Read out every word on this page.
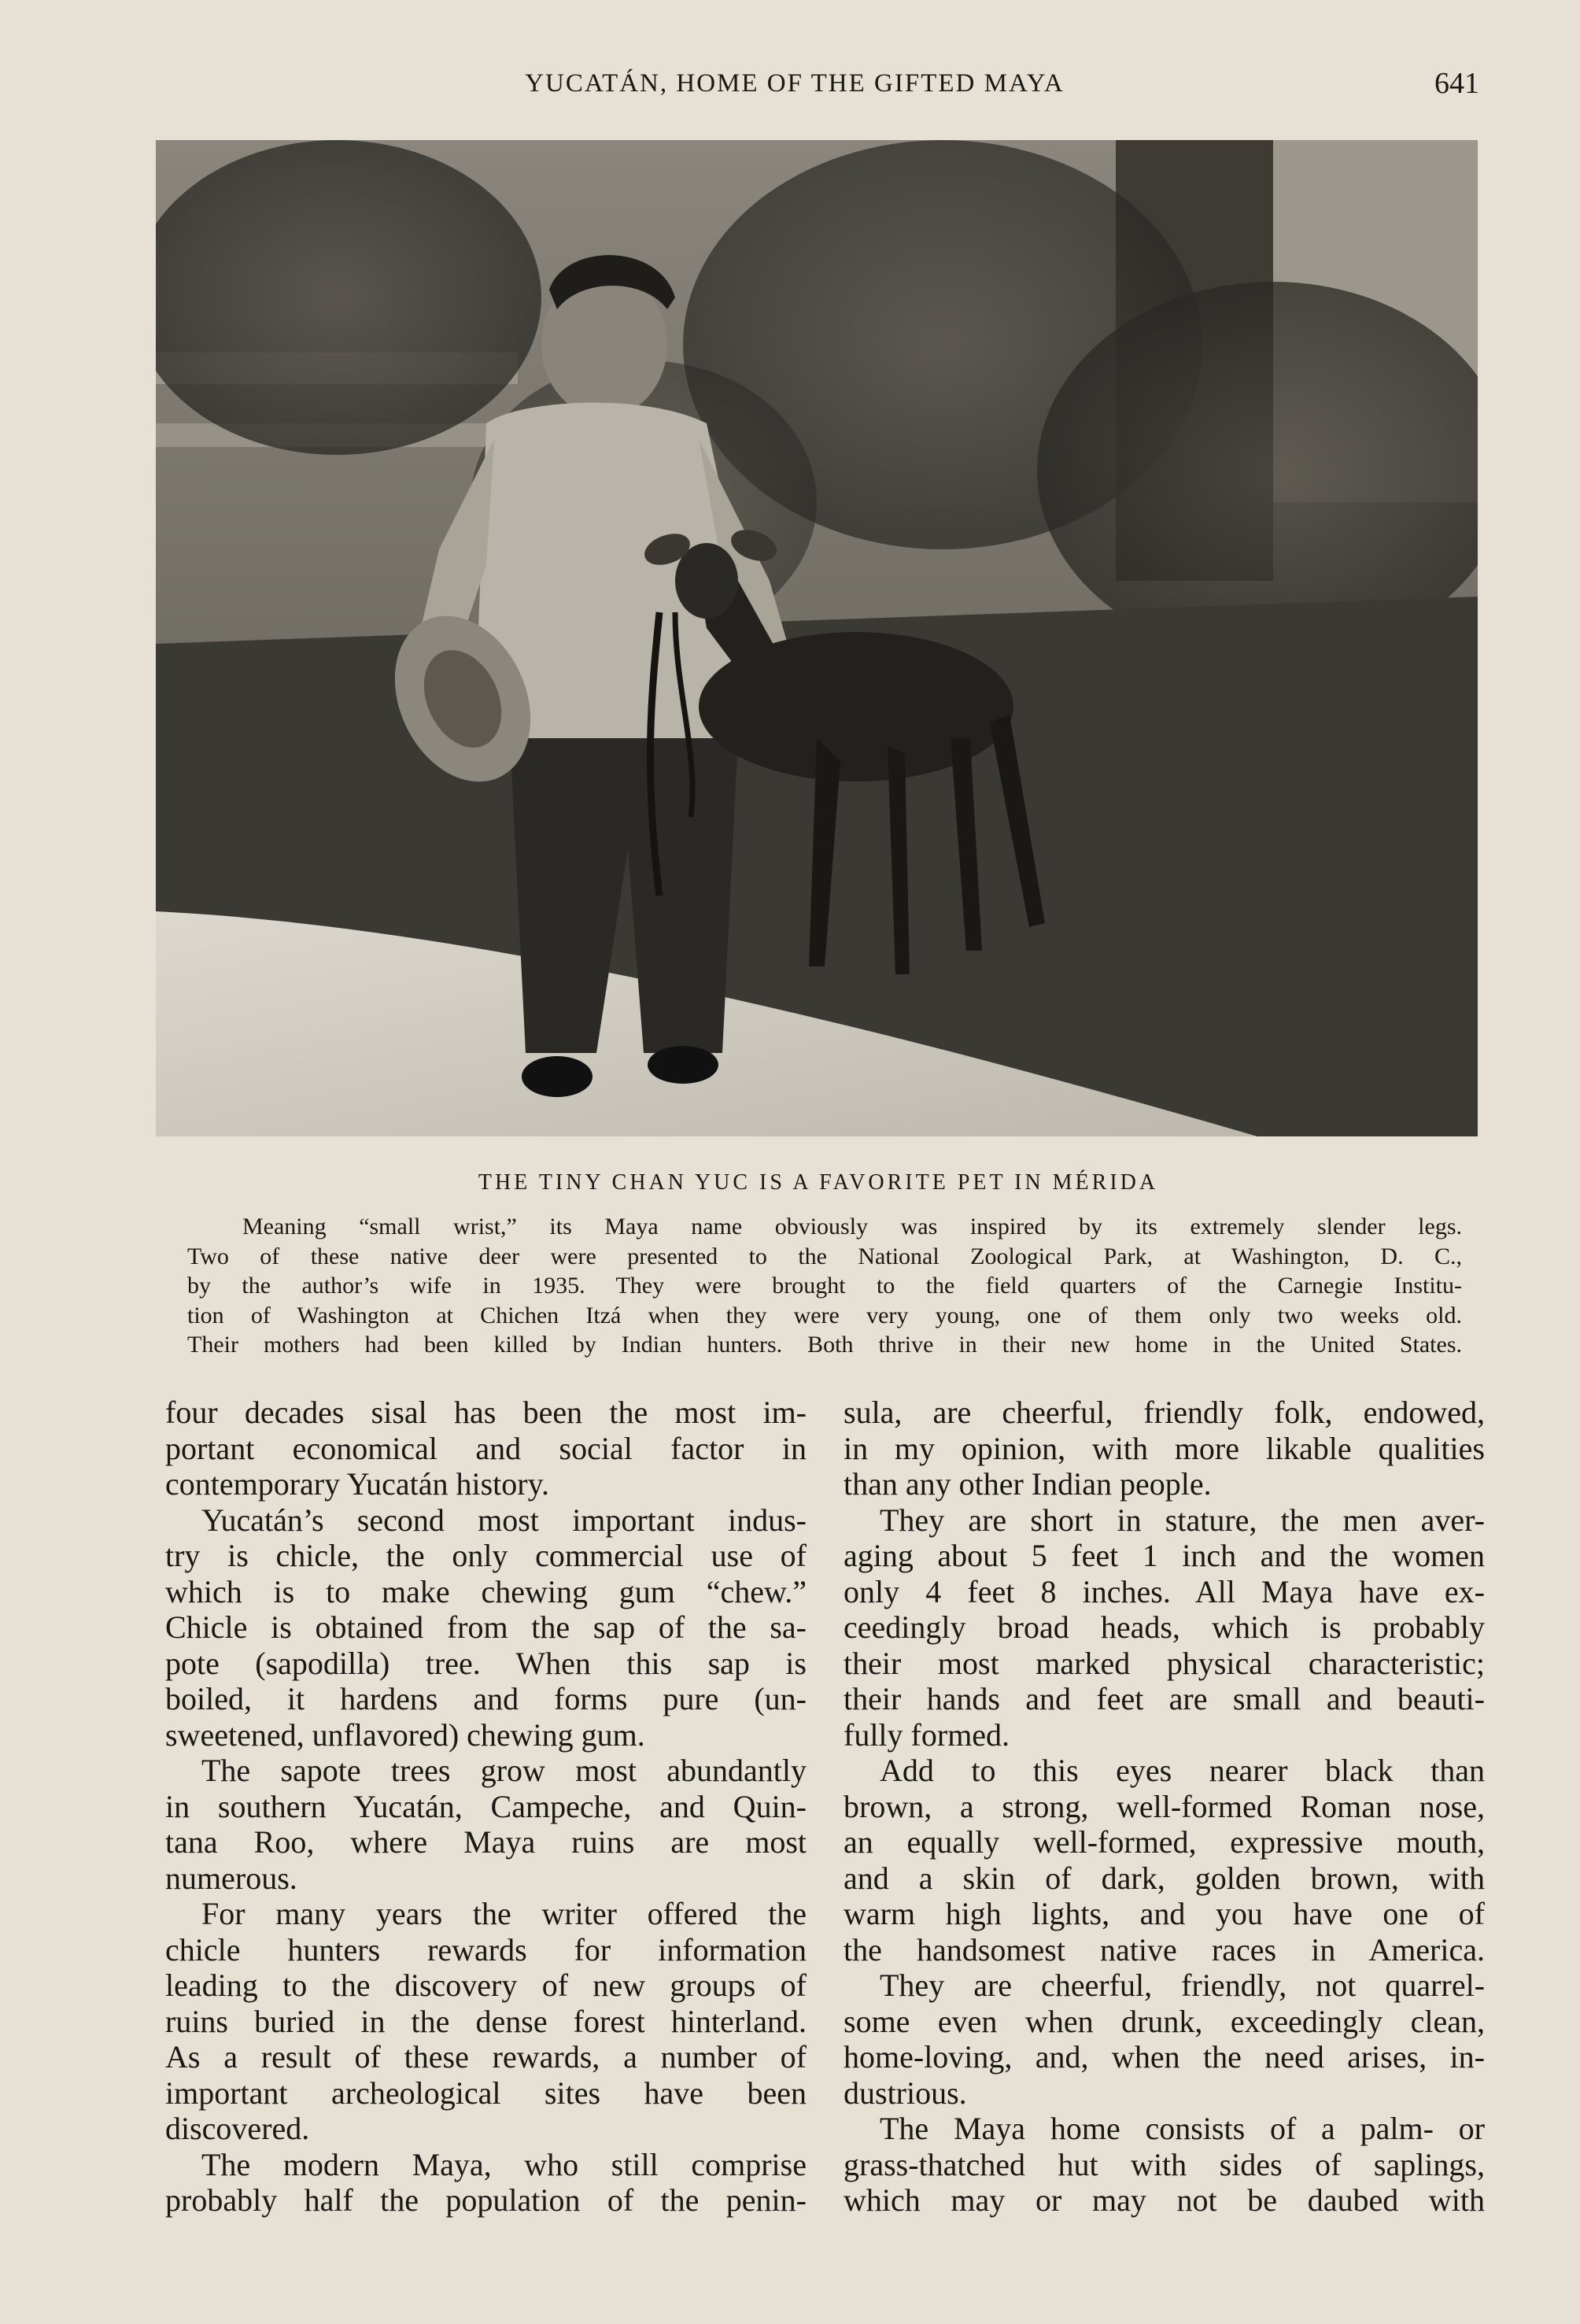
YUCATÁN, HOME OF THE GIFTED MAYA	641
THE TINY CHAN YUC IS A FAVORITE PET IN MÉRIDA
Meaning “small wrist,” its Maya name obviously was inspired by its extremely slender legs.
Two of these native deer were presented to the National Zoological Park, at Washington, D. C.,
by the author’s wife in 1935. They were brought to the field quarters of the Carnegie Institu-
tion of Washington at Chichen Itzá when they were very young, one of them only two weeks old.
Their mothers had been killed by Indian hunters. Both thrive in their new home in the United States.
four decades sisal has been the most im-
portant economical and social factor in
contemporary Yucatán history.
Yucatán’s second most important indus-
try is chicle, the only commercial use of
which is to make chewing gum “chew.”
Chicle is obtained from the sap of the sa-
pote (sapodilla) tree. When this sap is
boiled, it hardens and forms pure (un-
sweetened, unflavored) chewing gum.
The sapote trees grow most abundantly
in southern Yucatán, Campeche, and Quin-
tana Roo, where Maya ruins are most
numerous.
For many years the writer offered the
chicle hunters rewards for information
leading to the discovery of new groups of
ruins buried in the dense forest hinterland.
As a result of these rewards, a number of
important archeological sites have been
discovered.
The modern Maya, who still comprise
probably half the population of the penin-
sula, are cheerful, friendly folk, endowed,
in my opinion, with more likable qualities
than any other Indian people.
They are short in stature, the men aver-
aging about 5 feet 1 inch and the women
only 4 feet 8 inches. All Maya have ex-
ceedingly broad heads, which is probably
their most marked physical characteristic;
their hands and feet are small and beauti-
fully formed.
Add to this eyes nearer black than
brown, a strong, well-formed Roman nose,
an equally well-formed, expressive mouth,
and a skin of dark, golden brown, with
warm high lights, and you have one of
the handsomest native races in America.
They are cheerful, friendly, not quarrel-
some even when drunk, exceedingly clean,
home-loving, and, when the need arises, in-
dustrious.
The Maya home consists of a palm- or
grass-thatched hut with sides of saplings,
which may or may not be daubed with
